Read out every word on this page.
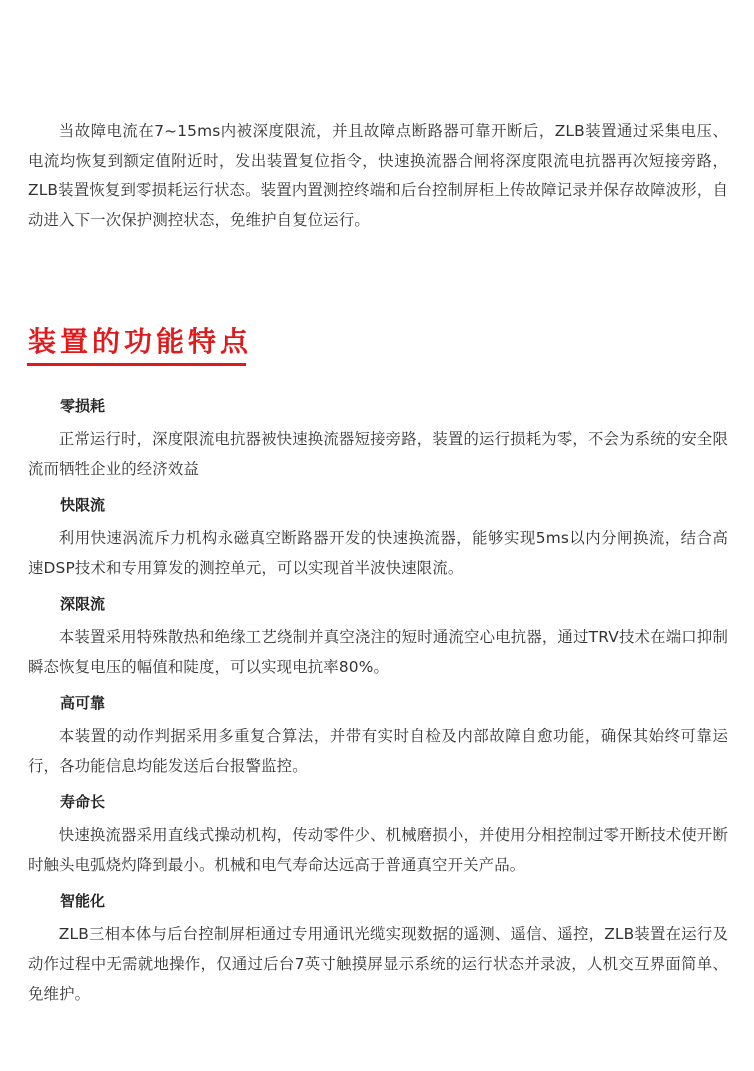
当故障电流在7~15ms内被深度限流，并且故障点断路器可靠开断后，ZLB装置通过采集电压、电流均恢复到额定值附近时，发出装置复位指令，快速换流器合闸将深度限流电抗器再次短接旁路，ZLB装置恢复到零损耗运行状态。装置内置测控终端和后台控制屏柜上传故障记录并保存故障波形，自动进入下一次保护测控状态，免维护自复位运行。

装置的功能特点
零损耗

正常运行时，深度限流电抗器被快速换流器短接旁路，装置的运行损耗为零，不会为系统的安全限流而牺牲企业的经济效益

快限流

利用快速涡流斥力机构永磁真空断路器开发的快速换流器，能够实现5ms以内分闸换流，结合高速DSP技术和专用算发的测控单元，可以实现首半波快速限流。

深限流

本装置采用特殊散热和绝缘工艺绕制并真空浇注的短时通流空心电抗器，通过TRV技术在端口抑制瞬态恢复电压的幅值和陡度，可以实现电抗率80%。

高可靠

本装置的动作判据采用多重复合算法，并带有实时自检及内部故障自愈功能，确保其始终可靠运行，各功能信息均能发送后台报警监控。

寿命长

快速换流器采用直线式操动机构，传动零件少、机械磨损小，并使用分相控制过零开断技术使开断时触头电弧烧灼降到最小。机械和电气寿命达远高于普通真空开关产品。

智能化

ZLB三相本体与后台控制屏柜通过专用通讯光缆实现数据的遥测、遥信、遥控，ZLB装置在运行及动作过程中无需就地操作，仅通过后台7英寸触摸屏显示系统的运行状态并录波，人机交互界面简单、免维护。
